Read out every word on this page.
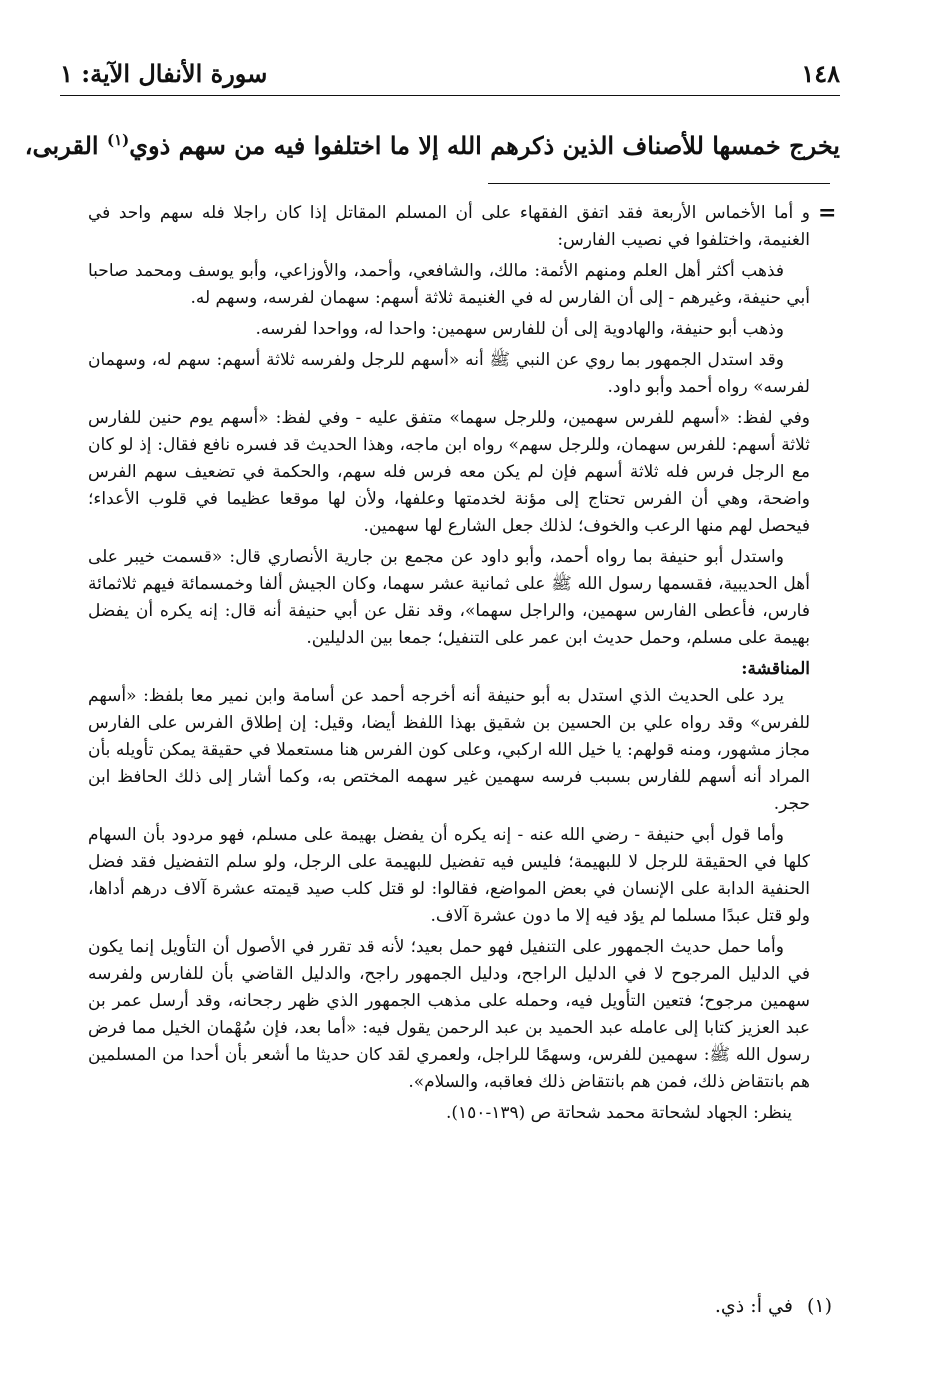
١٤٨
سورة الأنفال الآية: ١
يخرج خمسها للأصناف الذين ذكرهم الله إلا ما اختلفوا فيه من سهم ذوي$^{(١)}$ القربى،
=

و أما الأخماس الأربعة فقد اتفق الفقهاء على أن المسلم المقاتل إذا كان راجلا فله سهم واحد في الغنيمة، واختلفوا في نصيب الفارس:

فذهب أكثر أهل العلم ومنهم الأئمة: مالك، والشافعي، وأحمد، والأوزاعي، وأبو يوسف ومحمد صاحبا أبي حنيفة، وغيرهم - إلى أن الفارس له في الغنيمة ثلاثة أسهم: سهمان لفرسه، وسهم له.

وذهب أبو حنيفة، والهادوية إلى أن للفارس سهمين: واحدا له، وواحدا لفرسه.

وقد استدل الجمهور بما روي عن النبي ﷺ أنه «أسهم للرجل ولفرسه ثلاثة أسهم: سهم له، وسهمان لفرسه» رواه أحمد وأبو داود.

وفي لفظ: «أسهم للفرس سهمين، وللرجل سهما» متفق عليه - وفي لفظ: «أسهم يوم حنين للفارس ثلاثة أسهم: للفرس سهمان، وللرجل سهم» رواه ابن ماجه، وهذا الحديث قد فسره نافع فقال: إذ لو كان مع الرجل فرس فله ثلاثة أسهم فإن لم يكن معه فرس فله سهم، والحكمة في تضعيف سهم الفرس واضحة، وهي أن الفرس تحتاج إلى مؤنة لخدمتها وعلفها، ولأن لها موقعا عظيما في قلوب الأعداء؛ فيحصل لهم منها الرعب والخوف؛ لذلك جعل الشارع لها سهمين.

واستدل أبو حنيفة بما رواه أحمد، وأبو داود عن مجمع بن جارية الأنصاري قال: «قسمت خيبر على أهل الحديبية، فقسمها رسول الله ﷺ على ثمانية عشر سهما، وكان الجيش ألفا وخمسمائة فيهم ثلاثمائة فارس، فأعطى الفارس سهمين، والراجل سهما»، وقد نقل عن أبي حنيفة أنه قال: إنه يكره أن يفضل بهيمة على مسلم، وحمل حديث ابن عمر على التنفيل؛ جمعا بين الدليلين.

المناقشة:

يرد على الحديث الذي استدل به أبو حنيفة أنه أخرجه أحمد عن أسامة وابن نمير معا بلفظ: «أسهم للفرس» وقد رواه علي بن الحسين بن شقيق بهذا اللفظ أيضا، وقيل: إن إطلاق الفرس على الفارس مجاز مشهور، ومنه قولهم: يا خيل الله اركبي، وعلى كون الفرس هنا مستعملا في حقيقة يمكن تأويله بأن المراد أنه أسهم للفارس بسبب فرسه سهمين غير سهمه المختص به، وكما أشار إلى ذلك الحافظ ابن حجر.

وأما قول أبي حنيفة - رضي الله عنه - إنه يكره أن يفضل بهيمة على مسلم، فهو مردود بأن السهام كلها في الحقيقة للرجل لا للبهيمة؛ فليس فيه تفضيل للبهيمة على الرجل، ولو سلم التفضيل فقد فضل الحنفية الدابة على الإنسان في بعض المواضع، فقالوا: لو قتل كلب صيد قيمته عشرة آلاف درهم أداها، ولو قتل عبدًا مسلما لم يؤد فيه إلا ما دون عشرة آلاف.

وأما حمل حديث الجمهور على التنفيل فهو حمل بعيد؛ لأنه قد تقرر في الأصول أن التأويل إنما يكون في الدليل المرجوح لا في الدليل الراجح، ودليل الجمهور راجح، والدليل القاضي بأن للفارس ولفرسه سهمين مرجوح؛ فتعين التأويل فيه، وحمله على مذهب الجمهور الذي ظهر رجحانه، وقد أرسل عمر بن عبد العزيز كتابا إلى عامله عبد الحميد بن عبد الرحمن يقول فيه: «أما بعد، فإن سُهْمان الخيل مما فرض رسول الله ﷺ: سهمين للفرس، وسهمًا للراجل، ولعمري لقد كان حديثا ما أشعر بأن أحدا من المسلمين هم بانتقاض ذلك، فمن هم بانتقاض ذلك فعاقبه، والسلام».

ينظر: الجهاد لشحاتة محمد شحاتة ص (١٣٩-١٥٠).

(١)في أ: ذي.
